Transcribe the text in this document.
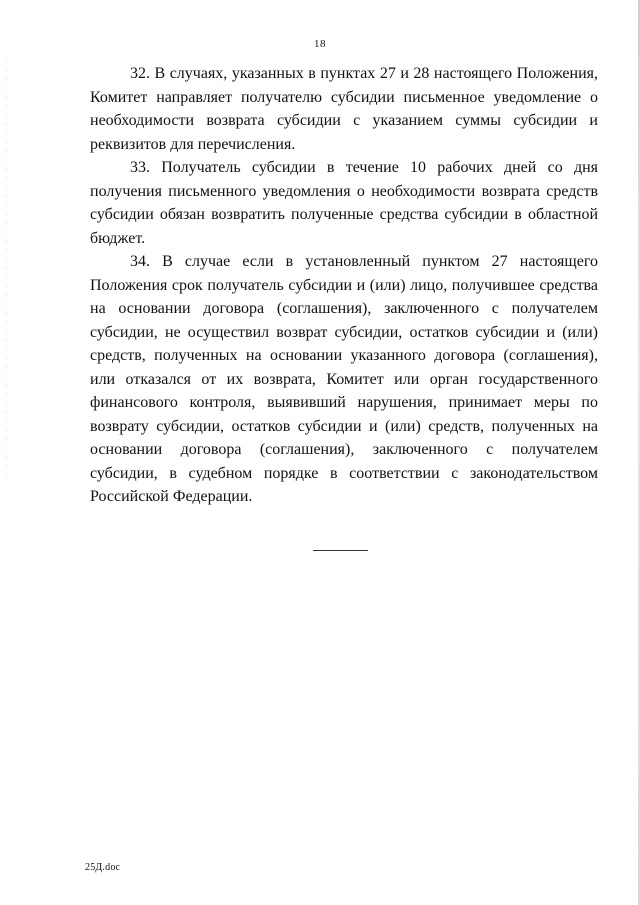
18

32. В случаях, указанных в пунктах 27 и 28 настоящего Положения,
Комитет направляет получателю субсидии письменное уведомление о
необходимости возврата субсидии с указанием суммы субсидии и
реквизитов для перечисления.

33. Получатель субсидии в течение 10 рабочих дней со дня
получения письменного уведомления о необходимости возврата средств
субсидии обязан возвратить полученные средства субсидии в областной
бюджет.

34. В случае если в установленный пунктом 27 настоящего
Положения срок получатель субсидии и (или) лицо, получившее средства
на основании договора (соглашения), заключенного с получателем
субсидии, не осуществил возврат субсидии, остатков субсидии и (или)
средств, полученных на основании указанного договора (соглашения),
или отказался от их возврата, Комитет или орган государственного
финансового контроля, выявивший нарушения, принимает меры по
возврату субсидии, остатков субсидии и (или) средств, полученных на
основании договора (соглашения), заключенного с получателем
субсидии, в судебном порядке в соответствии с законодательством
Российской Федерации.

25Д.doc
